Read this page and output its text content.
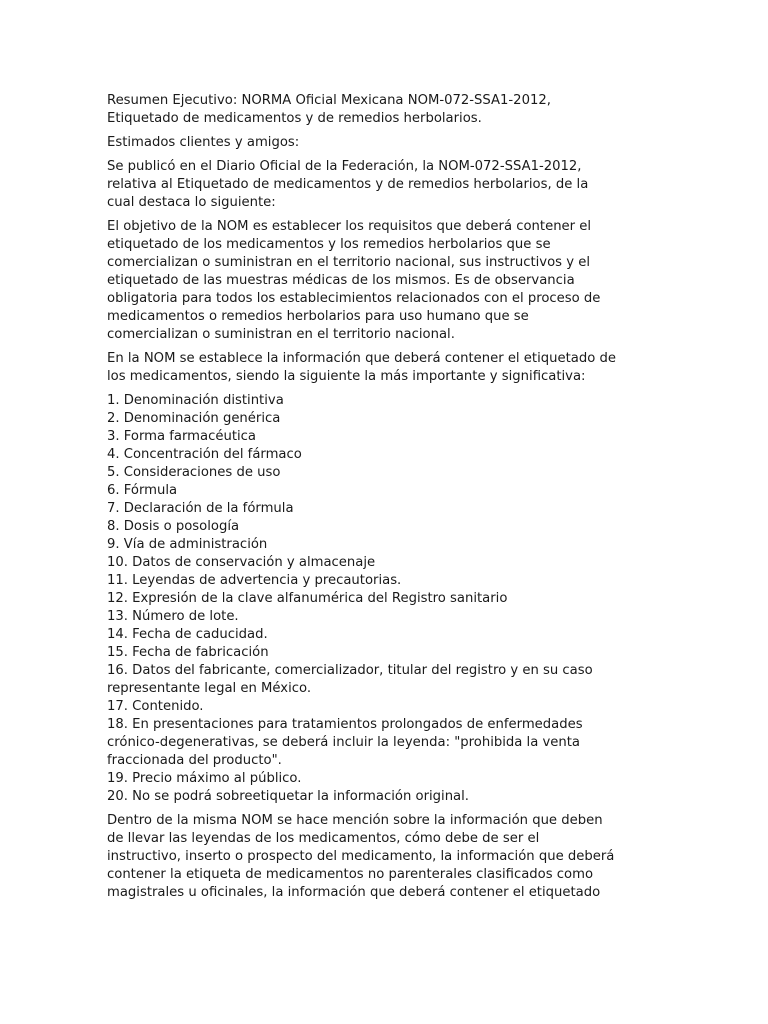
Resumen Ejecutivo: NORMA Oficial Mexicana NOM-072-SSA1-2012,
Etiquetado de medicamentos y de remedios herbolarios.

Estimados clientes y amigos:

Se publicó en el Diario Oficial de la Federación, la NOM-072-SSA1-2012,
relativa al Etiquetado de medicamentos y de remedios herbolarios, de la
cual destaca lo siguiente:

El objetivo de la NOM es establecer los requisitos que deberá contener el
etiquetado de los medicamentos y los remedios herbolarios que se
comercializan o suministran en el territorio nacional, sus instructivos y el
etiquetado de las muestras médicas de los mismos. Es de observancia
obligatoria para todos los establecimientos relacionados con el proceso de
medicamentos o remedios herbolarios para uso humano que se
comercializan o suministran en el territorio nacional.

En la NOM se establece la información que deberá contener el etiquetado de
los medicamentos, siendo la siguiente la más importante y significativa:

1. Denominación distintiva
2. Denominación genérica
3. Forma farmacéutica
4. Concentración del fármaco
5. Consideraciones de uso
6. Fórmula
7. Declaración de la fórmula
8. Dosis o posología
9. Vía de administración
10. Datos de conservación y almacenaje
11. Leyendas de advertencia y precautorias.
12. Expresión de la clave alfanumérica del Registro sanitario
13. Número de lote.
14. Fecha de caducidad.
15. Fecha de fabricación
16. Datos del fabricante, comercializador, titular del registro y en su caso
representante legal en México.
17. Contenido.
18. En presentaciones para tratamientos prolongados de enfermedades
crónico-degenerativas, se deberá incluir la leyenda: "prohibida la venta
fraccionada del producto".
19. Precio máximo al público.
20. No se podrá sobreetiquetar la información original.

Dentro de la misma NOM se hace mención sobre la información que deben
de llevar las leyendas de los medicamentos, cómo debe de ser el
instructivo, inserto o prospecto del medicamento, la información que deberá
contener la etiqueta de medicamentos no parenterales clasificados como
magistrales u oficinales, la información que deberá contener el etiquetado
